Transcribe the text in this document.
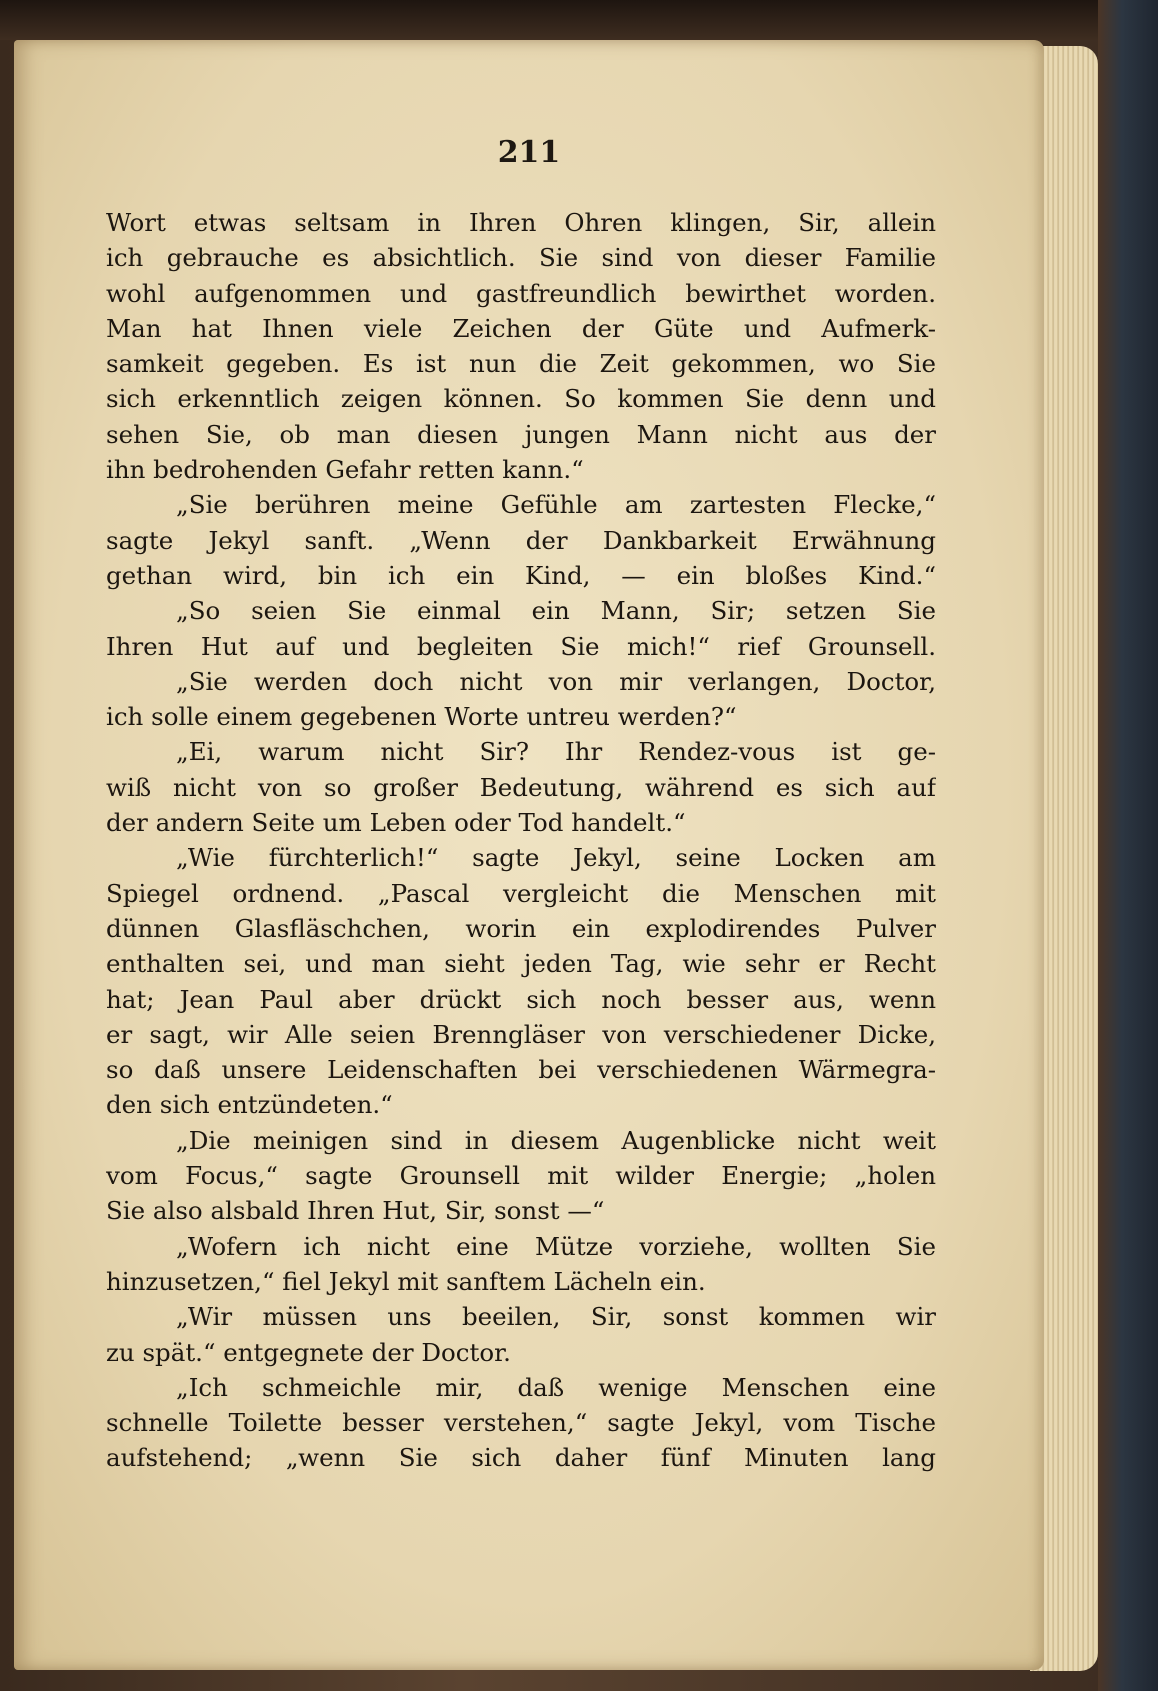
211
Wort etwas seltsam in Ihren Ohren klingen, Sir, allein
ich gebrauche es absichtlich. Sie sind von dieser Familie
wohl aufgenommen und gastfreundlich bewirthet worden.
Man hat Ihnen viele Zeichen der Güte und Aufmerk-
samkeit gegeben. Es ist nun die Zeit gekommen, wo Sie
sich erkenntlich zeigen können. So kommen Sie denn und
sehen Sie, ob man diesen jungen Mann nicht aus der
ihn bedrohenden Gefahr retten kann.“
„Sie berühren meine Gefühle am zartesten Flecke,“
sagte Jekyl sanft. „Wenn der Dankbarkeit Erwähnung
gethan wird, bin ich ein Kind, — ein bloßes Kind.“
„So seien Sie einmal ein Mann, Sir; setzen Sie
Ihren Hut auf und begleiten Sie mich!“ rief Grounsell.
„Sie werden doch nicht von mir verlangen, Doctor,
ich solle einem gegebenen Worte untreu werden?“
„Ei, warum nicht Sir? Ihr Rendez-vous ist ge-
wiß nicht von so großer Bedeutung, während es sich auf
der andern Seite um Leben oder Tod handelt.“
„Wie fürchterlich!“ sagte Jekyl, seine Locken am
Spiegel ordnend. „Pascal vergleicht die Menschen mit
dünnen Glasfläschchen, worin ein explodirendes Pulver
enthalten sei, und man sieht jeden Tag, wie sehr er Recht
hat; Jean Paul aber drückt sich noch besser aus, wenn
er sagt, wir Alle seien Brenngläser von verschiedener Dicke,
so daß unsere Leidenschaften bei verschiedenen Wärmegra-
den sich entzündeten.“
„Die meinigen sind in diesem Augenblicke nicht weit
vom Focus,“ sagte Grounsell mit wilder Energie; „holen
Sie also alsbald Ihren Hut, Sir, sonst —“
„Wofern ich nicht eine Mütze vorziehe, wollten Sie
hinzusetzen,“ fiel Jekyl mit sanftem Lächeln ein.
„Wir müssen uns beeilen, Sir, sonst kommen wir
zu spät.“ entgegnete der Doctor.
„Ich schmeichle mir, daß wenige Menschen eine
schnelle Toilette besser verstehen,“ sagte Jekyl, vom Tische
aufstehend; „wenn Sie sich daher fünf Minuten lang
